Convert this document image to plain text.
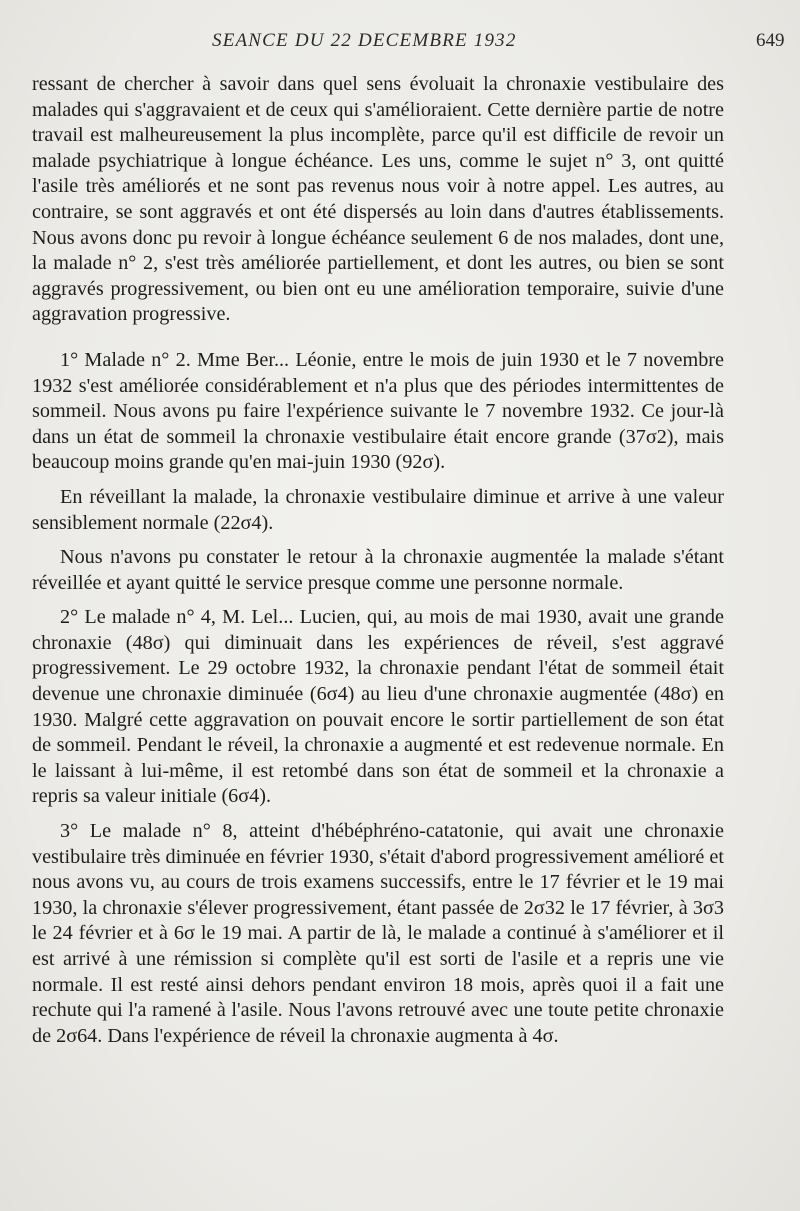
SEANCE DU 22 DECEMBRE 1932	649

ressant de chercher à savoir dans quel sens évoluait la chronaxie vestibulaire des malades qui s'aggravaient et de ceux qui s'amélioraient. Cette dernière partie de notre travail est malheureusement la plus incomplète, parce qu'il est difficile de revoir un malade psychiatrique à longue échéance. Les uns, comme le sujet n° 3, ont quitté l'asile très améliorés et ne sont pas revenus nous voir à notre appel. Les autres, au contraire, se sont aggravés et ont été dispersés au loin dans d'autres établissements. Nous avons donc pu revoir à longue échéance seulement 6 de nos malades, dont une, la malade n° 2, s'est très améliorée partiellement, et dont les autres, ou bien se sont aggravés progressivement, ou bien ont eu une amélioration temporaire, suivie d'une aggravation progressive.

1° Malade n° 2. Mme Ber... Léonie, entre le mois de juin 1930 et le 7 novembre 1932 s'est améliorée considérablement et n'a plus que des périodes intermittentes de sommeil. Nous avons pu faire l'expérience suivante le 7 novembre 1932. Ce jour-là dans un état de sommeil la chronaxie vestibulaire était encore grande (37σ2), mais beaucoup moins grande qu'en mai-juin 1930 (92σ).

En réveillant la malade, la chronaxie vestibulaire diminue et arrive à une valeur sensiblement normale (22σ4).

Nous n'avons pu constater le retour à la chronaxie augmentée la malade s'étant réveillée et ayant quitté le service presque comme une personne normale.

2° Le malade n° 4, M. Lel... Lucien, qui, au mois de mai 1930, avait une grande chronaxie (48σ) qui diminuait dans les expériences de réveil, s'est aggravé progressivement. Le 29 octobre 1932, la chronaxie pendant l'état de sommeil était devenue une chronaxie diminuée (6σ4) au lieu d'une chronaxie augmentée (48σ) en 1930. Malgré cette aggravation on pouvait encore le sortir partiellement de son état de sommeil. Pendant le réveil, la chronaxie a augmenté et est redevenue normale. En le laissant à lui-même, il est retombé dans son état de sommeil et la chronaxie a repris sa valeur initiale (6σ4).

3° Le malade n° 8, atteint d'hébéphréno-catatonie, qui avait une chronaxie vestibulaire très diminuée en février 1930, s'était d'abord progressivement amélioré et nous avons vu, au cours de trois examens successifs, entre le 17 février et le 19 mai 1930, la chronaxie s'élever progressivement, étant passée de 2σ32 le 17 février, à 3σ3 le 24 février et à 6σ le 19 mai. A partir de là, le malade a continué à s'améliorer et il est arrivé à une rémission si complète qu'il est sorti de l'asile et a repris une vie normale. Il est resté ainsi dehors pendant environ 18 mois, après quoi il a fait une rechute qui l'a ramené à l'asile. Nous l'avons retrouvé avec une toute petite chronaxie de 2σ64. Dans l'expérience de réveil la chronaxie augmenta à 4σ.
